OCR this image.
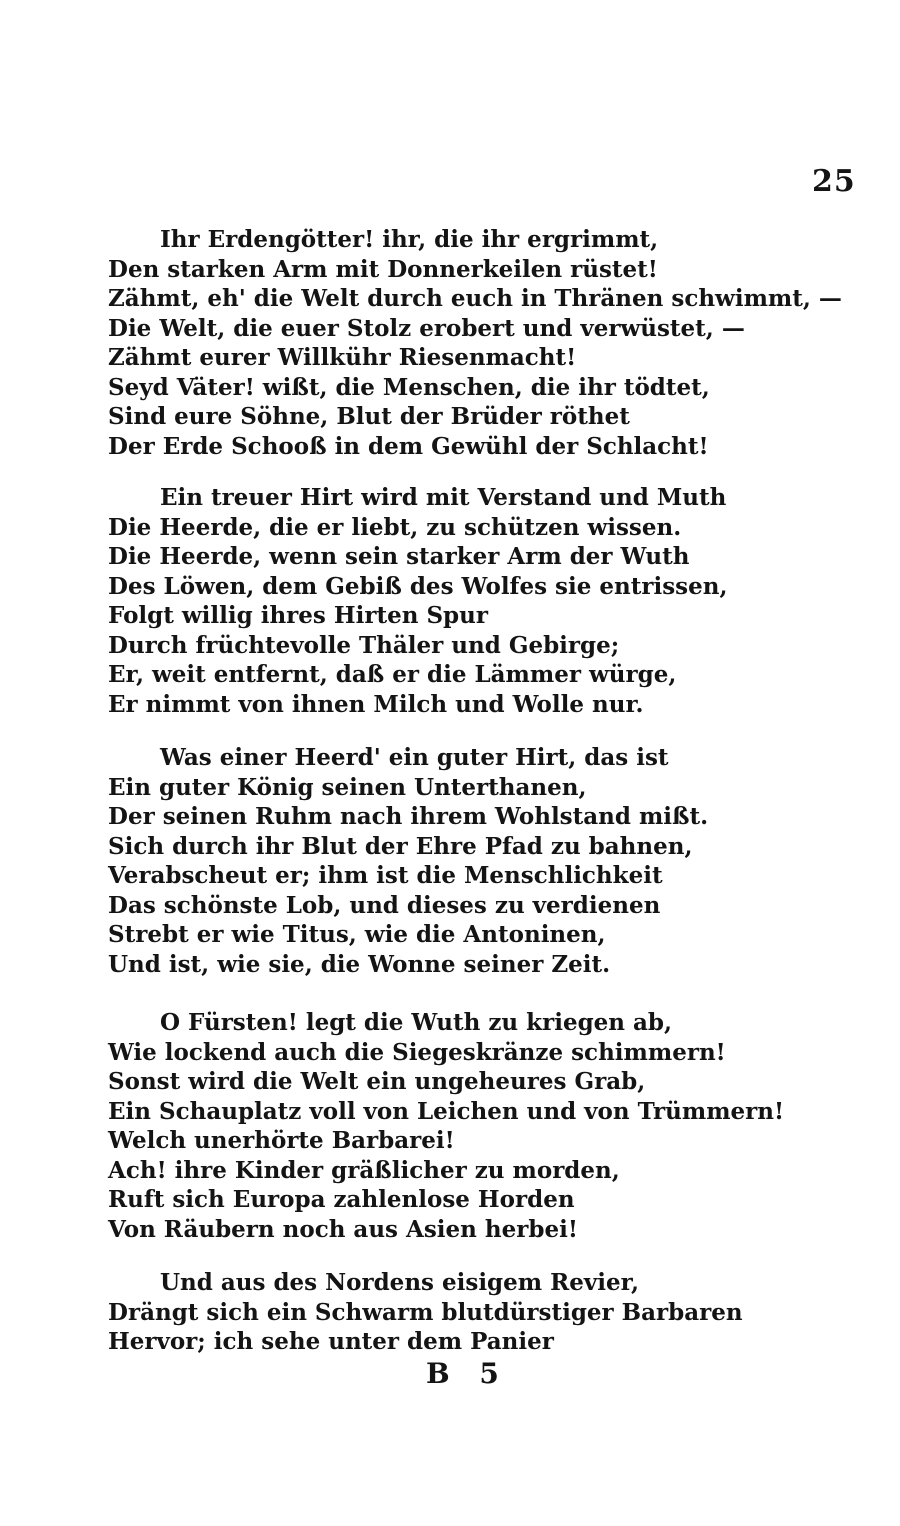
25
Ihr Erdengötter! ihr, die ihr ergrimmt,
Den starken Arm mit Donnerkeilen rüstet!
Zähmt, eh' die Welt durch euch in Thränen schwimmt, —
Die Welt, die euer Stolz erobert und verwüstet, —
Zähmt eurer Willkühr Riesenmacht!
Seyd Väter! wißt, die Menschen, die ihr tödtet,
Sind eure Söhne, Blut der Brüder röthet
Der Erde Schooß in dem Gewühl der Schlacht!
Ein treuer Hirt wird mit Verstand und Muth
Die Heerde, die er liebt, zu schützen wissen.
Die Heerde, wenn sein starker Arm der Wuth
Des Löwen, dem Gebiß des Wolfes sie entrissen,
Folgt willig ihres Hirten Spur
Durch früchtevolle Thäler und Gebirge;
Er, weit entfernt, daß er die Lämmer würge,
Er nimmt von ihnen Milch und Wolle nur.
Was einer Heerd' ein guter Hirt, das ist
Ein guter König seinen Unterthanen,
Der seinen Ruhm nach ihrem Wohlstand mißt.
Sich durch ihr Blut der Ehre Pfad zu bahnen,
Verabscheut er; ihm ist die Menschlichkeit
Das schönste Lob, und dieses zu verdienen
Strebt er wie Titus, wie die Antoninen,
Und ist, wie sie, die Wonne seiner Zeit.
O Fürsten! legt die Wuth zu kriegen ab,
Wie lockend auch die Siegeskränze schimmern!
Sonst wird die Welt ein ungeheures Grab,
Ein Schauplatz voll von Leichen und von Trümmern!
Welch unerhörte Barbarei!
Ach! ihre Kinder gräßlicher zu morden,
Ruft sich Europa zahlenlose Horden
Von Räubern noch aus Asien herbei!
Und aus des Nordens eisigem Revier,
Drängt sich ein Schwarm blutdürstiger Barbaren
Hervor; ich sehe unter dem Panier
B 5
